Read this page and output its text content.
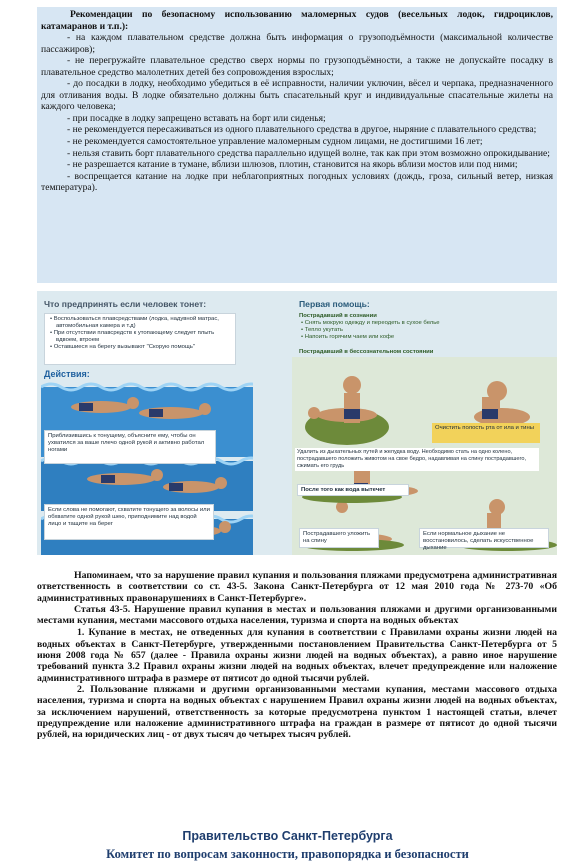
Рекомендации по безопасному использованию маломерных судов (весельных лодок, гидроциклов, катамаранов и т.п.):

- на каждом плавательном средстве должна быть информация о грузоподъёмности (максимальной количестве пассажиров);

- не перегружайте плавательное средство сверх нормы по грузоподъёмности, а также не допускайте посадку в плавательное средство малолетних детей без сопровождения взрослых;

- до посадки в лодку, необходимо убедиться в её исправности, наличии уключин, вёсел и черпака, предназначенного для отливания воды. В лодке обязательно должны быть спасательный круг и индивидуальные спасательные жилеты на каждого человека;

- при посадке в лодку запрещено вставать на борт или сиденья;

- не рекомендуется пересаживаться из одного плавательного средства в другое, ныряние с плавательного средства;

- не рекомендуется самостоятельное управление маломерным судном лицами, не достигшими 16 лет;

- нельзя ставить борт плавательного средства параллельно идущей волне, так как при этом возможно опрокидывание;

- не разрешается катание в тумане, вблизи шлюзов, плотин, становится на якорь вблизи мостов или под ними;

- воспрещается катание на лодке при неблагоприятных погодных условиях (дождь, гроза, сильный ветер, низкая температура).

Что предпринять если человек тонет:
• Воспользоваться плавсредствами (лодка, надувной матрас, автомобильная камера и т.д)
• При отсутствии плавсредств к утопающему следует плыть вдвоем, втроем
• Оставшиеся на берегу вызывают "Скорую помощь"
Действия:
Приблизившись к тонущему, объясните ему, чтобы он ухватился за ваше плечо одной рукой и активно работал ногами
Если слова не помогают, схватите тонущего за волосы или обхватите одной рукой шею, приподнимите над водой лицо и тащите на берег
Первая помощь:
Пострадавший в сознании
• Снять мокрую одежду и переодеть в сухое белье
• Тепло укутать
• Напоить горячим чаем или кофе
Пострадавший в бессознательном состоянии
Очистить полость рта от ила и тины
Удалить из дыхательных путей и желудка воду. Необходимо стать на одно колено, пострадавшего положить животом на свое бедро, надавливая на спину пострадавшего, сжимать его грудь
После того как вода вытечет
Пострадавшего уложить на спину
Если нормальное дыхание не восстановилось, сделать искусственное дыхание

Напоминаем, что за нарушение правил купания и пользования пляжами предусмотрена административная ответственность в соответствии со ст. 43-5. Закона Санкт-Петербурга от 12 мая 2010 года № 273-70 «Об административных правонарушениях в Санкт-Петербурге».

Статья 43-5. Нарушение правил купания в местах и пользования пляжами и другими организованными местами купания, местами массового отдыха населения, туризма и спорта на водных объектах

1. Купание в местах, не отведенных для купания в соответствии с Правилами охраны жизни людей на водных объектах в Санкт-Петербурге, утвержденными постановлением Правительства Санкт-Петербурга от 5 июня 2008 года № 657 (далее - Правила охраны жизни людей на водных объектах), а равно иное нарушение требований пункта 3.2 Правил охраны жизни людей на водных объектах, влечет предупреждение или наложение административного штрафа в размере от пятисот до одной тысячи рублей.

2. Пользование пляжами и другими организованными местами купания, местами массового отдыха населения, туризма и спорта на водных объектах с нарушением Правил охраны жизни людей на водных объектах, за исключением нарушений, ответственность за которые предусмотрена пунктом 1 настоящей статьи, влечет предупреждение или наложение административного штрафа на граждан в размере от пятисот до одной тысячи рублей, на юридических лиц - от двух тысяч до четырех тысяч рублей.

Правительство Санкт-Петербурга
Комитет по вопросам законности, правопорядка и безопасности
